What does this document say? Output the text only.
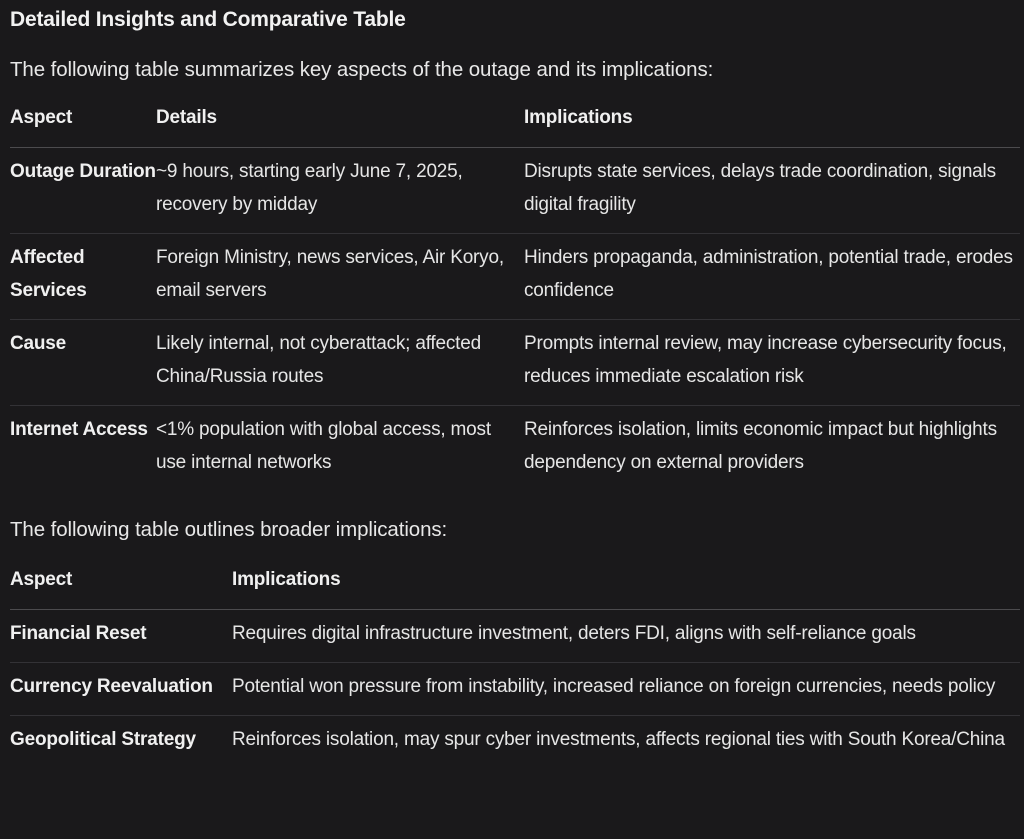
Detailed Insights and Comparative Table
The following table summarizes key aspects of the outage and its implications:
Aspect	Details	Implications
Outage Duration	~9 hours, starting early June 7, 2025, recovery by midday	Disrupts state services, delays trade coordination, signals digital fragility
Affected Services	Foreign Ministry, news services, Air Koryo, email servers	Hinders propaganda, administration, potential trade, erodes confidence
Cause	Likely internal, not cyberattack; affected China/Russia routes	Prompts internal review, may increase cybersecurity focus, reduces immediate escalation risk
Internet Access	<1% population with global access, most use internal networks	Reinforces isolation, limits economic impact but highlights dependency on external providers
The following table outlines broader implications:
Aspect	Implications
Financial Reset	Requires digital infrastructure investment, deters FDI, aligns with self-reliance goals
Currency Reevaluation	Potential won pressure from instability, increased reliance on foreign currencies, needs policy
Geopolitical Strategy	Reinforces isolation, may spur cyber investments, affects regional ties with South Korea/China
